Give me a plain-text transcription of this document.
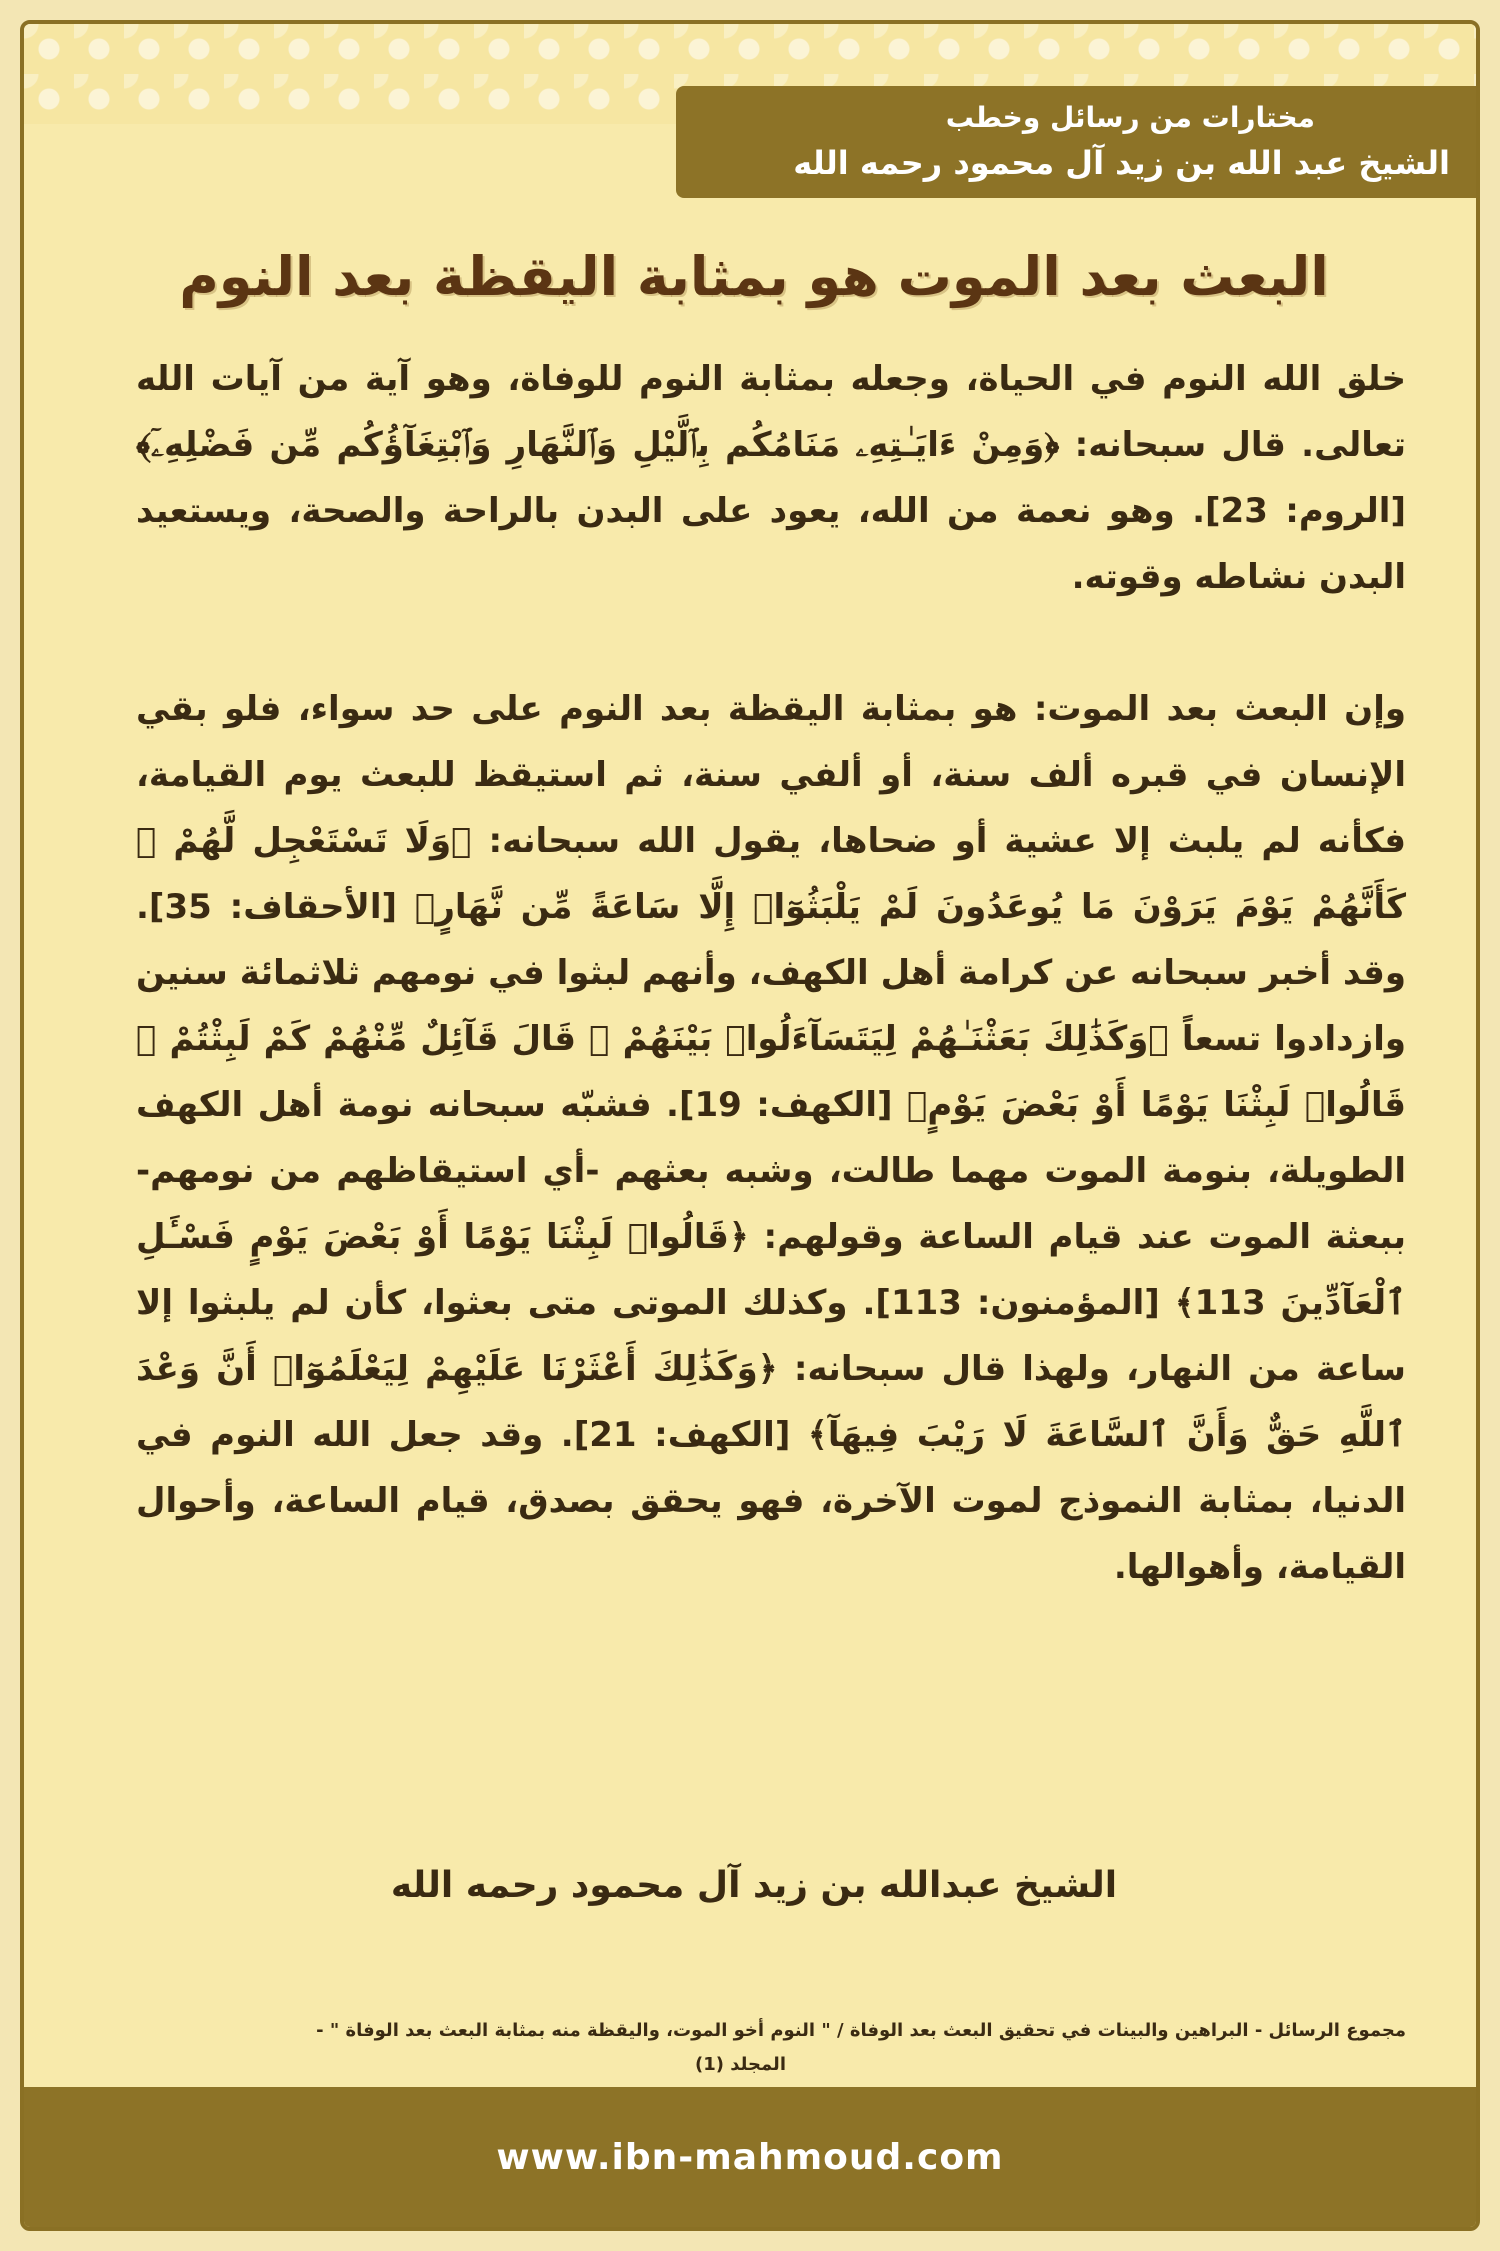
مختارات من رسائل وخطب
الشيخ عبد الله بن زيد آل محمود رحمه الله
البعث بعد الموت هو بمثابة اليقظة بعد النوم

خلق الله النوم في الحياة، وجعله بمثابة النوم للوفاة، وهو آية من آيات الله تعالى. قال سبحانه: ﴿وَمِنْ ءَايَـٰتِهِۦ مَنَامُكُم بِٱلَّيْلِ وَٱلنَّهَارِ وَٱبْتِغَآؤُكُم مِّن فَضْلِهِۦٓ﴾ [الروم: 23]. وهو نعمة من الله، يعود على البدن بالراحة والصحة، ويستعيد البدن نشاطه وقوته.

وإن البعث بعد الموت: هو بمثابة اليقظة بعد النوم على حد سواء، فلو بقي الإنسان في قبره ألف سنة، أو ألفي سنة، ثم استيقظ للبعث يوم القيامة، فكأنه لم يلبث إلا عشية أو ضحاها، يقول الله سبحانه: ﴿وَلَا تَسْتَعْجِل لَّهُمْ ۚ كَأَنَّهُمْ يَوْمَ يَرَوْنَ مَا يُوعَدُونَ لَمْ يَلْبَثُوٓا۟ إِلَّا سَاعَةً مِّن نَّهَارٍ﴾ [الأحقاف: 35]. وقد أخبر سبحانه عن كرامة أهل الكهف، وأنهم لبثوا في نومهم ثلاثمائة سنين وازدادوا تسعاً ﴿وَكَذَٰلِكَ بَعَثْنَـٰهُمْ لِيَتَسَآءَلُوا۟ بَيْنَهُمْ ۚ قَالَ قَآئِلٌ مِّنْهُمْ كَمْ لَبِثْتُمْ ۖ قَالُوا۟ لَبِثْنَا يَوْمًا أَوْ بَعْضَ يَوْمٍ﴾ [الكهف: 19]. فشبّه سبحانه نومة أهل الكهف الطويلة، بنومة الموت مهما طالت، وشبه بعثهم -أي استيقاظهم من نومهم- ببعثة الموت عند قيام الساعة وقولهم: ﴿قَالُوا۟ لَبِثْنَا يَوْمًا أَوْ بَعْضَ يَوْمٍ فَسْـَٔلِ ٱلْعَآدِّينَ 113﴾ [المؤمنون: 113]. وكذلك الموتى متى بعثوا، كأن لم يلبثوا إلا ساعة من النهار، ولهذا قال سبحانه: ﴿وَكَذَٰلِكَ أَعْثَرْنَا عَلَيْهِمْ لِيَعْلَمُوٓا۟ أَنَّ وَعْدَ ٱللَّهِ حَقٌّ وَأَنَّ ٱلسَّاعَةَ لَا رَيْبَ فِيهَآ﴾ [الكهف: 21]. وقد جعل الله النوم في الدنيا، بمثابة النموذج لموت الآخرة، فهو يحقق بصدق، قيام الساعة، وأحوال القيامة، وأهوالها.

الشيخ عبدالله بن زيد آل محمود رحمه الله
مجموع الرسائل - البراهين والبينات في تحقيق البعث بعد الوفاة / " النوم أخو الموت، واليقظة منه بمثابة البعث بعد الوفاة " -
المجلد (1)
www.ibn-mahmoud.com
